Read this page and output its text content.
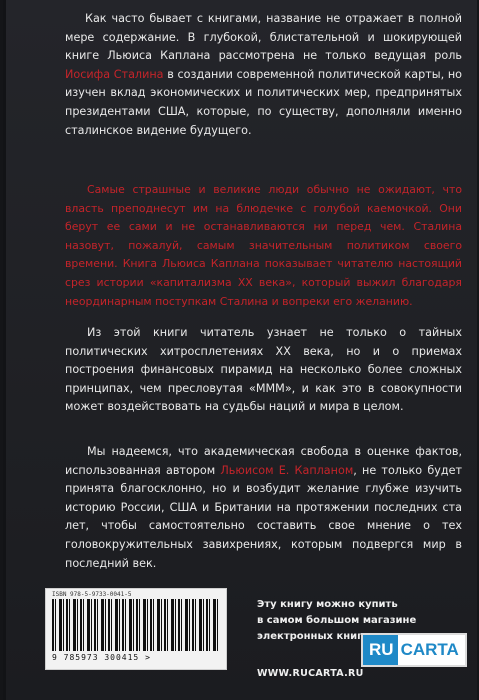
Как часто бывает с книгами, название не отражает в полной мере содержание. В глубокой, блистательной и шокирующей книге Льюиса Каплана рассмотрена не только ведущая роль Иосифа Сталина в создании современной политической карты, но изучен вклад экономических и политических мер, предпринятых президентами США, которые, по существу, дополняли именно сталинское видение будущего.

Самые страшные и великие люди обычно не ожидают, что власть преподнесут им на блюдечке с голубой каемочкой. Они берут ее сами и не останавливаются ни перед чем. Сталина назовут, пожалуй, самым значительным политиком своего времени. Книга Льюиса Каплана показывает читателю настоящий срез истории «капитализма XX века», который выжил благодаря неординарным поступкам Сталина и вопреки его желанию.

Из этой книги читатель узнает не только о тайных политических хитросплетениях XX века, но и о приемах построения финансовых пирамид на несколько более сложных принципах, чем пресловутая «МММ», и как это в совокупности может воздействовать на судьбы наций и мира в целом.

Мы надеемся, что академическая свобода в оценке фактов, использованная автором Льюисом Е. Капланом, не только будет принята благосклонно, но и возбудит желание глубже изучить историю России, США и Британии на протяжении последних ста лет, чтобы самостоятельно составить свое мнение о тех головокружительных завихрениях, которым подвергся мир в последний век.

ISBN 978-5-9733-0041-5
9 785973 300415 >
Эту книгу можно купить
в самом большом магазине
электронных книг
RU CARTA
WWW.RUCARTA.RU
